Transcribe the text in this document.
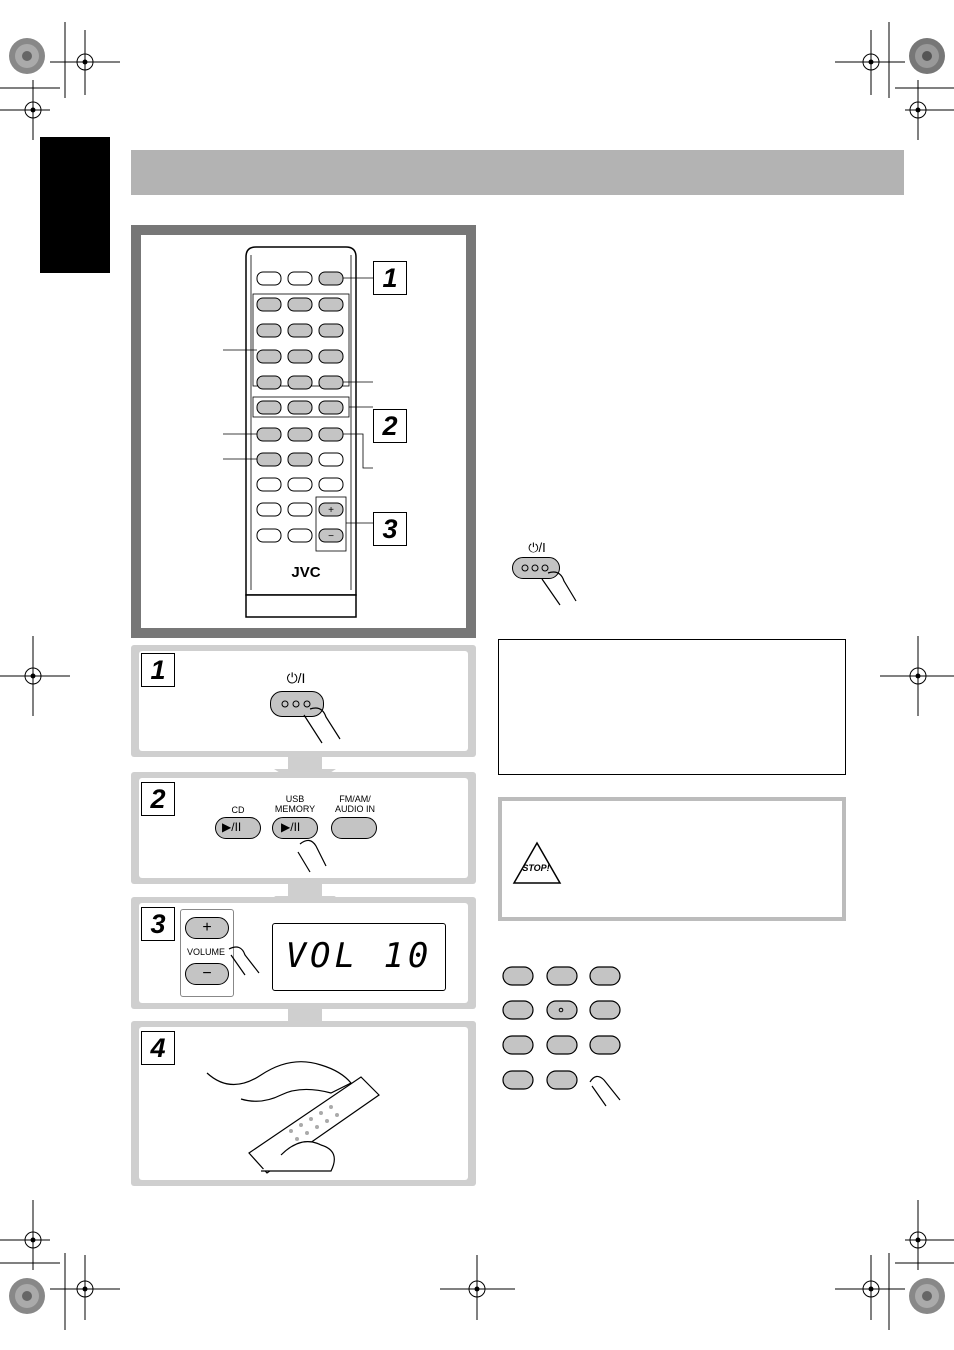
+
−
JVC
1
2
3
1	⏻/I
2	CD
▶/II
USB MEMORY
▶/II
FM/AM/ AUDIO IN
3	+
VOLUME
−	VOL 10
4
⏻/I
STOP!
